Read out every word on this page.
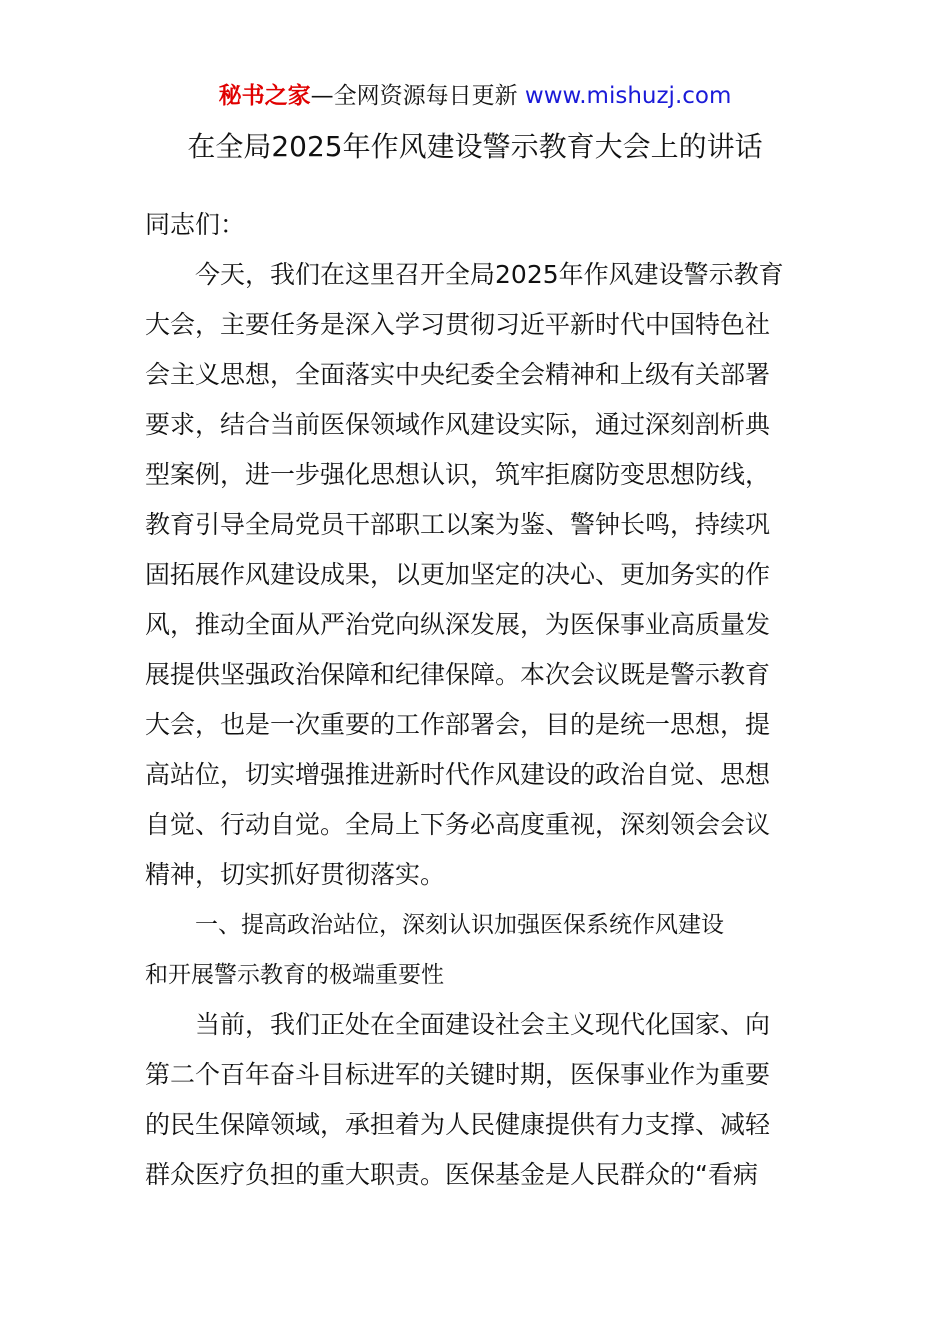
秘书之家—全网资源每日更新 www.mishuzj.com
在全局2025年作风建设警示教育大会上的讲话
同志们：
今天，我们在这里召开全局2025年作风建设警示教育
大会，主要任务是深入学习贯彻习近平新时代中国特色社
会主义思想，全面落实中央纪委全会精神和上级有关部署
要求，结合当前医保领域作风建设实际，通过深刻剖析典
型案例，进一步强化思想认识，筑牢拒腐防变思想防线，
教育引导全局党员干部职工以案为鉴、警钟长鸣，持续巩
固拓展作风建设成果，以更加坚定的决心、更加务实的作
风，推动全面从严治党向纵深发展，为医保事业高质量发
展提供坚强政治保障和纪律保障。本次会议既是警示教育
大会，也是一次重要的工作部署会，目的是统一思想，提
高站位，切实增强推进新时代作风建设的政治自觉、思想
自觉、行动自觉。全局上下务必高度重视，深刻领会会议
精神，切实抓好贯彻落实。
一、提高政治站位，深刻认识加强医保系统作风建设
和开展警示教育的极端重要性
当前，我们正处在全面建设社会主义现代化国家、向
第二个百年奋斗目标进军的关键时期，医保事业作为重要
的民生保障领域，承担着为人民健康提供有力支撑、减轻
群众医疗负担的重大职责。医保基金是人民群众的“看病
